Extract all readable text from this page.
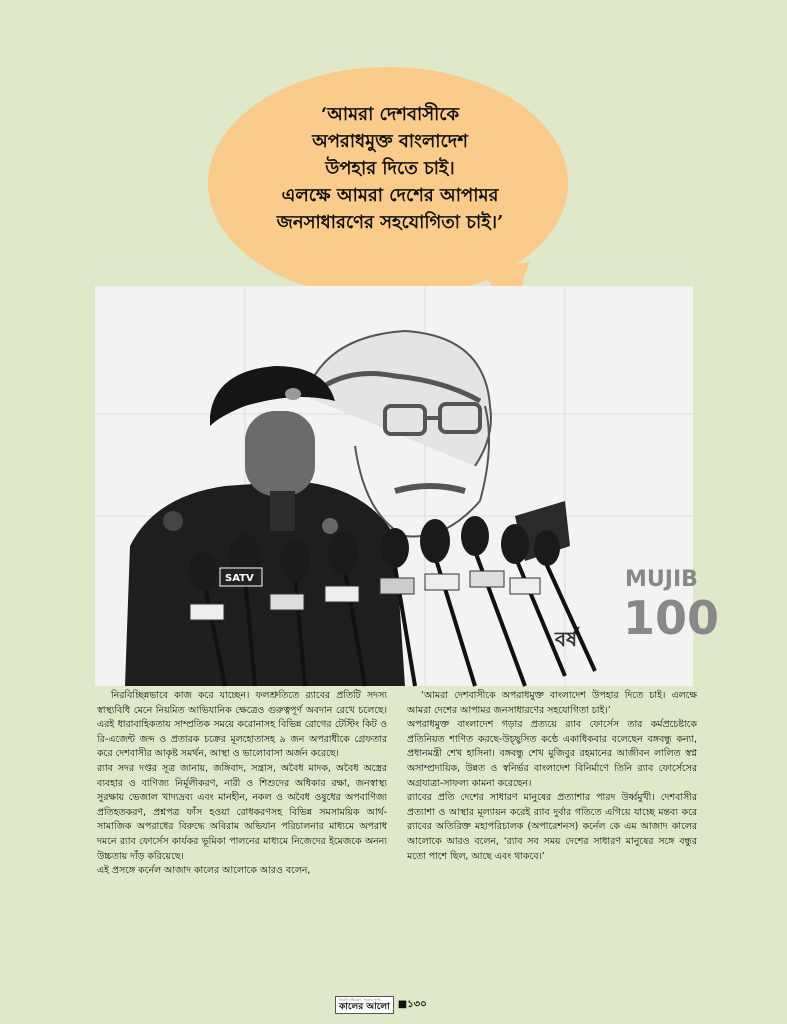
‘আমরা দেশবাসীকে
অপরাধমুক্ত বাংলাদেশ
উপহার দিতে চাই।
এলক্ষে আমরা দেশের আপামর
জনসাধারণের সহযোগিতা চাই।’
MUJIB
100
বর্ষ
SATV

নিরবিচ্ছিন্নভাবে কাজ করে যাচ্ছেন। ফলশ্রুতিতে র‌্যাবের প্রতিটি সদস্য স্বাস্থ্যবিধি মেনে নিয়মিত আভিযানিক ক্ষেত্রেও গুরুত্বপূর্ণ অবদান রেখে চলেছে। এরই ধারাবাহিকতায় সাম্প্রতিক সময়ে করোনাসহ বিভিন্ন রোগের টেস্টিং কিট ও রি-এজেন্ট জব্দ ও প্রতারক চক্রের মূলহোতাসহ ৯ জন অপরাধীকে গ্রেফতার করে দেশবাসীর আকৃষ্ট সমর্থন, আস্থা ও ভালোবাসা অর্জন করেছে।

র‌্যাব সদর দপ্তর সূত্র জানায়, জঙ্গিবাদ, সন্ত্রাস, অবৈধ মাদক, অবৈধ অস্ত্রের ব্যবহার ও বাণিজ্য নির্মূলীকরণ, নারী ও শিশুদের অধিকার রক্ষা, জনস্বাস্থ্য সুরক্ষায় ভেজাল খাদ্যদ্রব্য এবং মানহীন, নকল ও অবৈধ ওষুধের অপবাণিজ্য প্রতিহতকরণ, প্রশ্নপত্র ফাঁস হওয়া রোধকরণসহ বিভিন্ন সমসাময়িক আর্থ-সামাজিক অপরাধের বিরুদ্ধে অবিরাম অভিযান পরিচালনার মাধ্যমে অপরাধ দমনে র‌্যাব ফোর্সেস কার্যকর ভূমিকা পালনের মাধ্যমে নিজেদের ইমেজকে অনন্য উচ্চতায় দাঁড় করিয়েছে।

এই প্রসঙ্গে কর্নেল আজাদ কালের আলোকে আরও বলেন,

‘আমরা দেশবাসীকে অপরাধমুক্ত বাংলাদেশ উপহার দিতে চাই। এলক্ষে আমরা দেশের আপামর জনসাধারণের সহযোগিতা চাই।’

অপরাধমুক্ত বাংলাদেশ গড়ার প্রত্যয়ে র‌্যাব ফোর্সেস তার কর্মপ্রচেষ্টাকে প্রতিনিয়ত শাণিত করছে-উচ্ছ্বসিত কণ্ঠে একাধিকবার বলেছেন বঙ্গবন্ধু কন্যা, প্রধানমন্ত্রী শেখ হাসিনা। বঙ্গবন্ধু শেখ মুজিবুর রহমানের আজীবন লালিত স্বপ্ন অসাম্প্রদায়িক, উন্নত ও স্বনির্ভর বাংলাদেশ বিনির্মাণে তিনি র‌্যাব ফোর্সেসের অগ্রযাত্রা-সাফল্য কামনা করেছেন।

র‌্যাবের প্রতি দেশের সাধারণ মানুষের প্রত্যাশার পারদ উর্ধ্বমুখী। দেশবাসীর প্রত্যাশা ও আস্থার মূল্যায়ন করেই র‌্যাব দুর্বার গতিতে এগিয়ে যাচ্ছে মন্তব্য করে র‌্যাবের অতিরিক্ত মহাপরিচালক (অপারেশনস) কর্নেল কে এম আজাদ কালের আলোকে আরও বলেন, ‘র‌্যাব সব সময় দেশের সাধারণ মানুষের সঙ্গে বন্ধুর মতো পাশে ছিল, আছে এবং থাকবে।’

নির্মোহ দৃষ্টিকোণ, সত্যের পক্ষে
কালের আলো ■১৩০
